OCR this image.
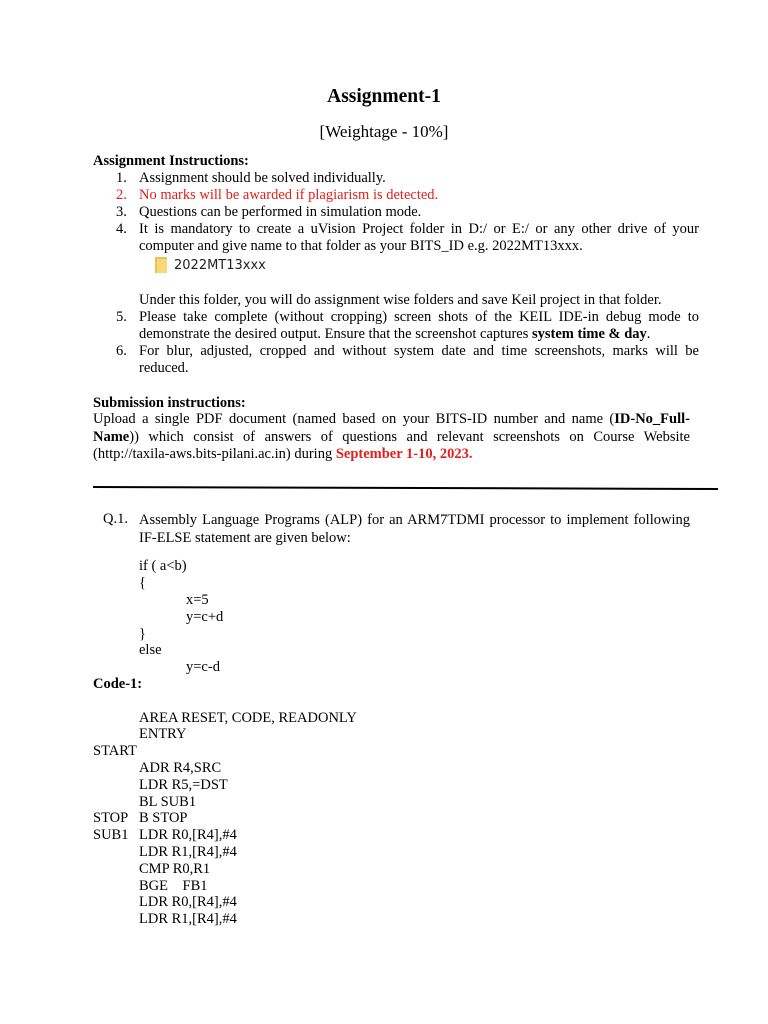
Assignment-1
[Weightage - 10%]
Assignment Instructions:
1. Assignment should be solved individually.
2. No marks will be awarded if plagiarism is detected.
3. Questions can be performed in simulation mode.
4. It is mandatory to create a uVision Project folder in D:/ or E:/ or any other drive of your computer and give name to that folder as your BITS_ID e.g. 2022MT13xxx.
2022MT13xxx
Under this folder, you will do assignment wise folders and save Keil project in that folder.
5. Please take complete (without cropping) screen shots of the KEIL IDE-in debug mode to demonstrate the desired output. Ensure that the screenshot captures system time & day.
6. For blur, adjusted, cropped and without system date and time screenshots, marks will be reduced.
Submission instructions:
Upload a single PDF document (named based on your BITS-ID number and name (ID-No_Full-Name)) which consist of answers of questions and relevant screenshots on Course Website (http://taxila-aws.bits-pilani.ac.in) during September 1-10, 2023.
Q.1. Assembly Language Programs (ALP) for an ARM7TDMI processor to implement following IF-ELSE statement are given below:
if ( a<b)
{
x=5
y=c+d
}
else
y=c-d
Code-1:
AREA RESET, CODE, READONLY
ENTRY
START
ADR R4,SRC
LDR R5,=DST
BL SUB1
STOP B STOP
SUB1 LDR R0,[R4],#4
LDR R1,[R4],#4
CMP R0,R1
BGE    FB1
LDR R0,[R4],#4
LDR R1,[R4],#4
